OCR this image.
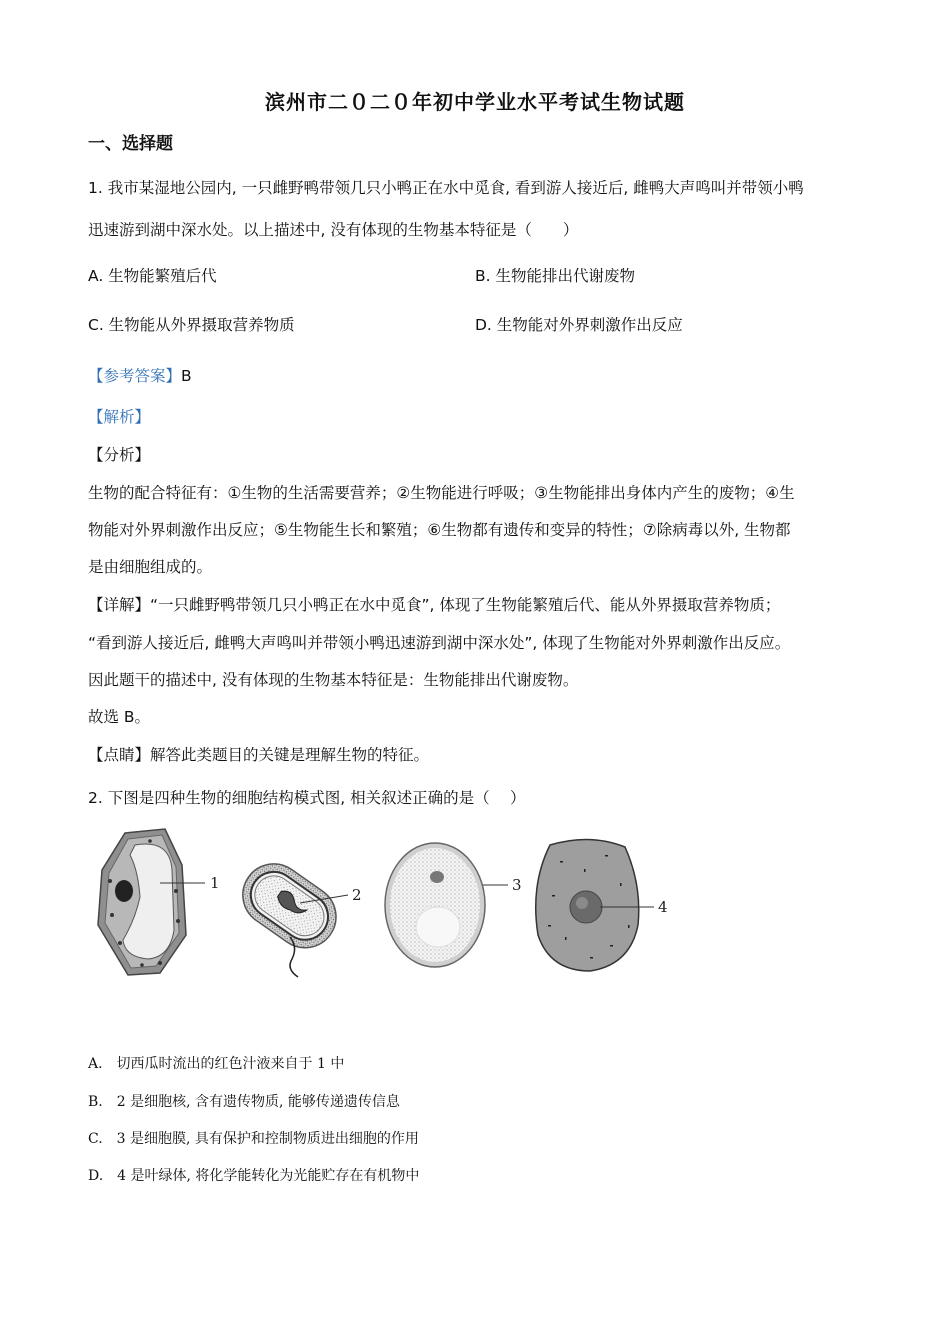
滨州市二０二０年初中学业水平考试生物试题
一、选择题
1. 我市某湿地公园内, 一只雌野鸭带领几只小鸭正在水中觅食, 看到游人接近后, 雌鸭大声鸣叫并带领小鸭
迅速游到湖中深水处。以上描述中, 没有体现的生物基本特征是（　　）
A. 生物能繁殖后代	B. 生物能排出代谢废物
C. 生物能从外界摄取营养物质	D. 生物能对外界刺激作出反应
【参考答案】B
【解析】
【分析】
生物的配合特征有：①生物的生活需要营养；②生物能进行呼吸；③生物能排出身体内产生的废物；④生
物能对外界刺激作出反应；⑤生物能生长和繁殖；⑥生物都有遗传和变异的特性；⑦除病毒以外, 生物都
是由细胞组成的。
【详解】“一只雌野鸭带领几只小鸭正在水中觅食”, 体现了生物能繁殖后代、能从外界摄取营养物质；
“看到游人接近后, 雌鸭大声鸣叫并带领小鸭迅速游到湖中深水处”, 体现了生物能对外界刺激作出反应。
因此题干的描述中, 没有体现的生物基本特征是：生物能排出代谢废物。
故选 B。
【点睛】解答此类题目的关键是理解生物的特征。
2. 下图是四种生物的细胞结构模式图, 相关叙述正确的是（　 ）
1
2
3
4
A.　切西瓜时流出的红色汁液来自于 1 中
B.　2 是细胞核, 含有遗传物质, 能够传递遗传信息
C.　3 是细胞膜, 具有保护和控制物质进出细胞的作用
D.　4 是叶绿体, 将化学能转化为光能贮存在有机物中
